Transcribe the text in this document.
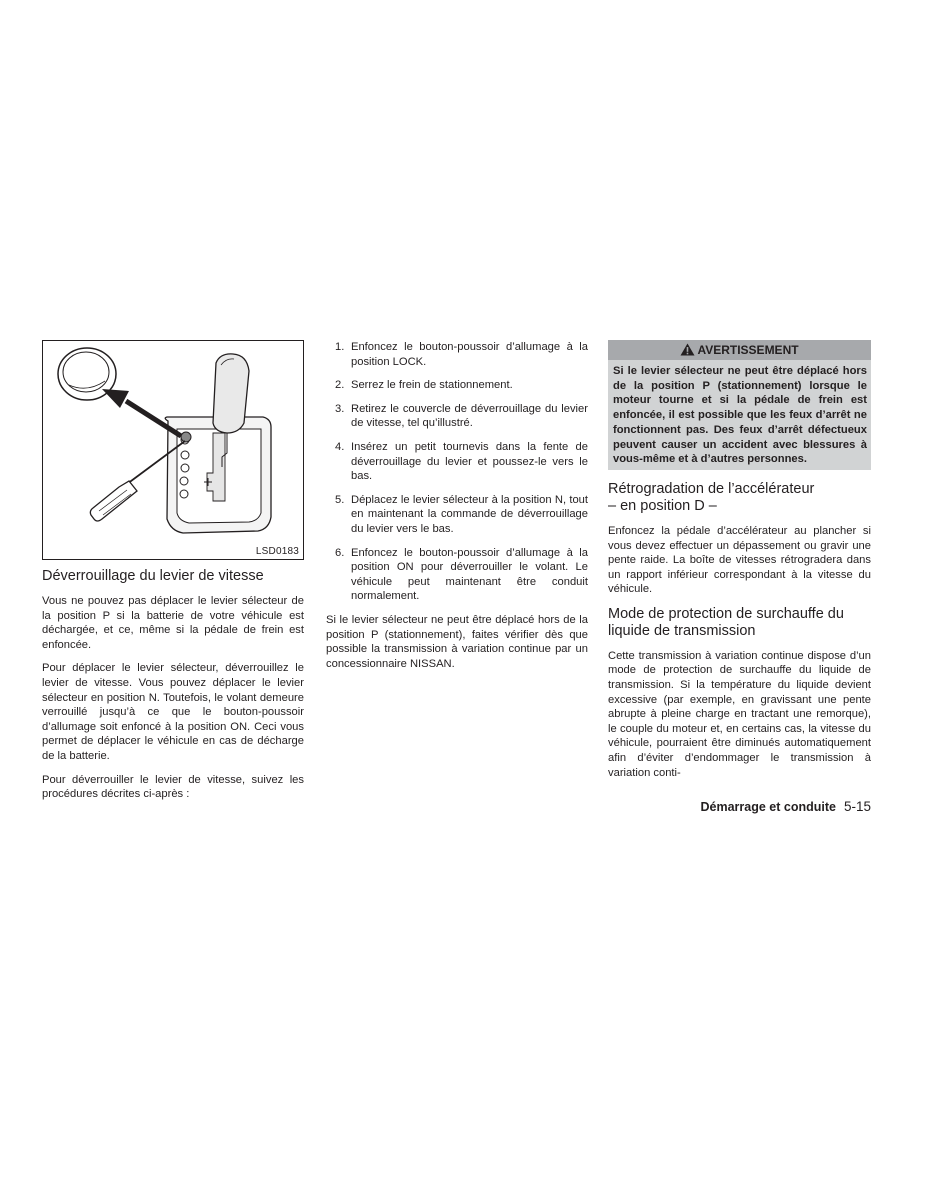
LSD0183
Déverrouillage du levier de vitesse

Vous ne pouvez pas déplacer le levier sélecteur de la position P si la batterie de votre véhicule est déchargée, et ce, même si la pédale de frein est enfoncée.

Pour déplacer le levier sélecteur, déverrouillez le levier de vitesse. Vous pouvez déplacer le levier sélecteur en position N. Toutefois, le volant demeure verrouillé jusqu’à ce que le bouton-poussoir d’allumage soit enfoncé à la position ON. Ceci vous permet de déplacer le véhicule en cas de décharge de la batterie.

Pour déverrouiller le levier de vitesse, suivez les procédures décrites ci-après :

1. Enfoncez le bouton-poussoir d’allumage à la position LOCK.
2. Serrez le frein de stationnement.
3. Retirez le couvercle de déverrouillage du levier de vitesse, tel qu’illustré.
4. Insérez un petit tournevis dans la fente de déverrouillage du levier et poussez-le vers le bas.
5. Déplacez le levier sélecteur à la position N, tout en maintenant la commande de déverrouillage du levier vers le bas.
6. Enfoncez le bouton-poussoir d’allumage à la position ON pour déverrouiller le volant. Le véhicule peut maintenant être conduit normalement.

Si le levier sélecteur ne peut être déplacé hors de la position P (stationnement), faites vérifier dès que possible la transmission à variation continue par un concessionnaire NISSAN.

AVERTISSEMENT
Si le levier sélecteur ne peut être déplacé hors de la position P (stationnement) lorsque le moteur tourne et si la pédale de frein est enfoncée, il est possible que les feux d’arrêt ne fonctionnent pas. Des feux d’arrêt défectueux peuvent causer un accident avec blessures à vous-même et à d’autres personnes.
Rétrogradation de l’accélérateur
– en position D –

Enfoncez la pédale d’accélérateur au plancher si vous devez effectuer un dépassement ou gravir une pente raide. La boîte de vitesses rétrogradera dans un rapport inférieur correspondant à la vitesse du véhicule.

Mode de protection de surchauffe du
liquide de transmission

Cette transmission à variation continue dispose d’un mode de protection de surchauffe du liquide de transmission. Si la température du liquide devient excessive (par exemple, en gravissant une pente abrupte à pleine charge en tractant une remorque), le couple du moteur et, en certains cas, la vitesse du véhicule, pourraient être diminués automatiquement afin d’éviter d’endommager le transmission à variation conti-

Démarrage et conduite 5-15
